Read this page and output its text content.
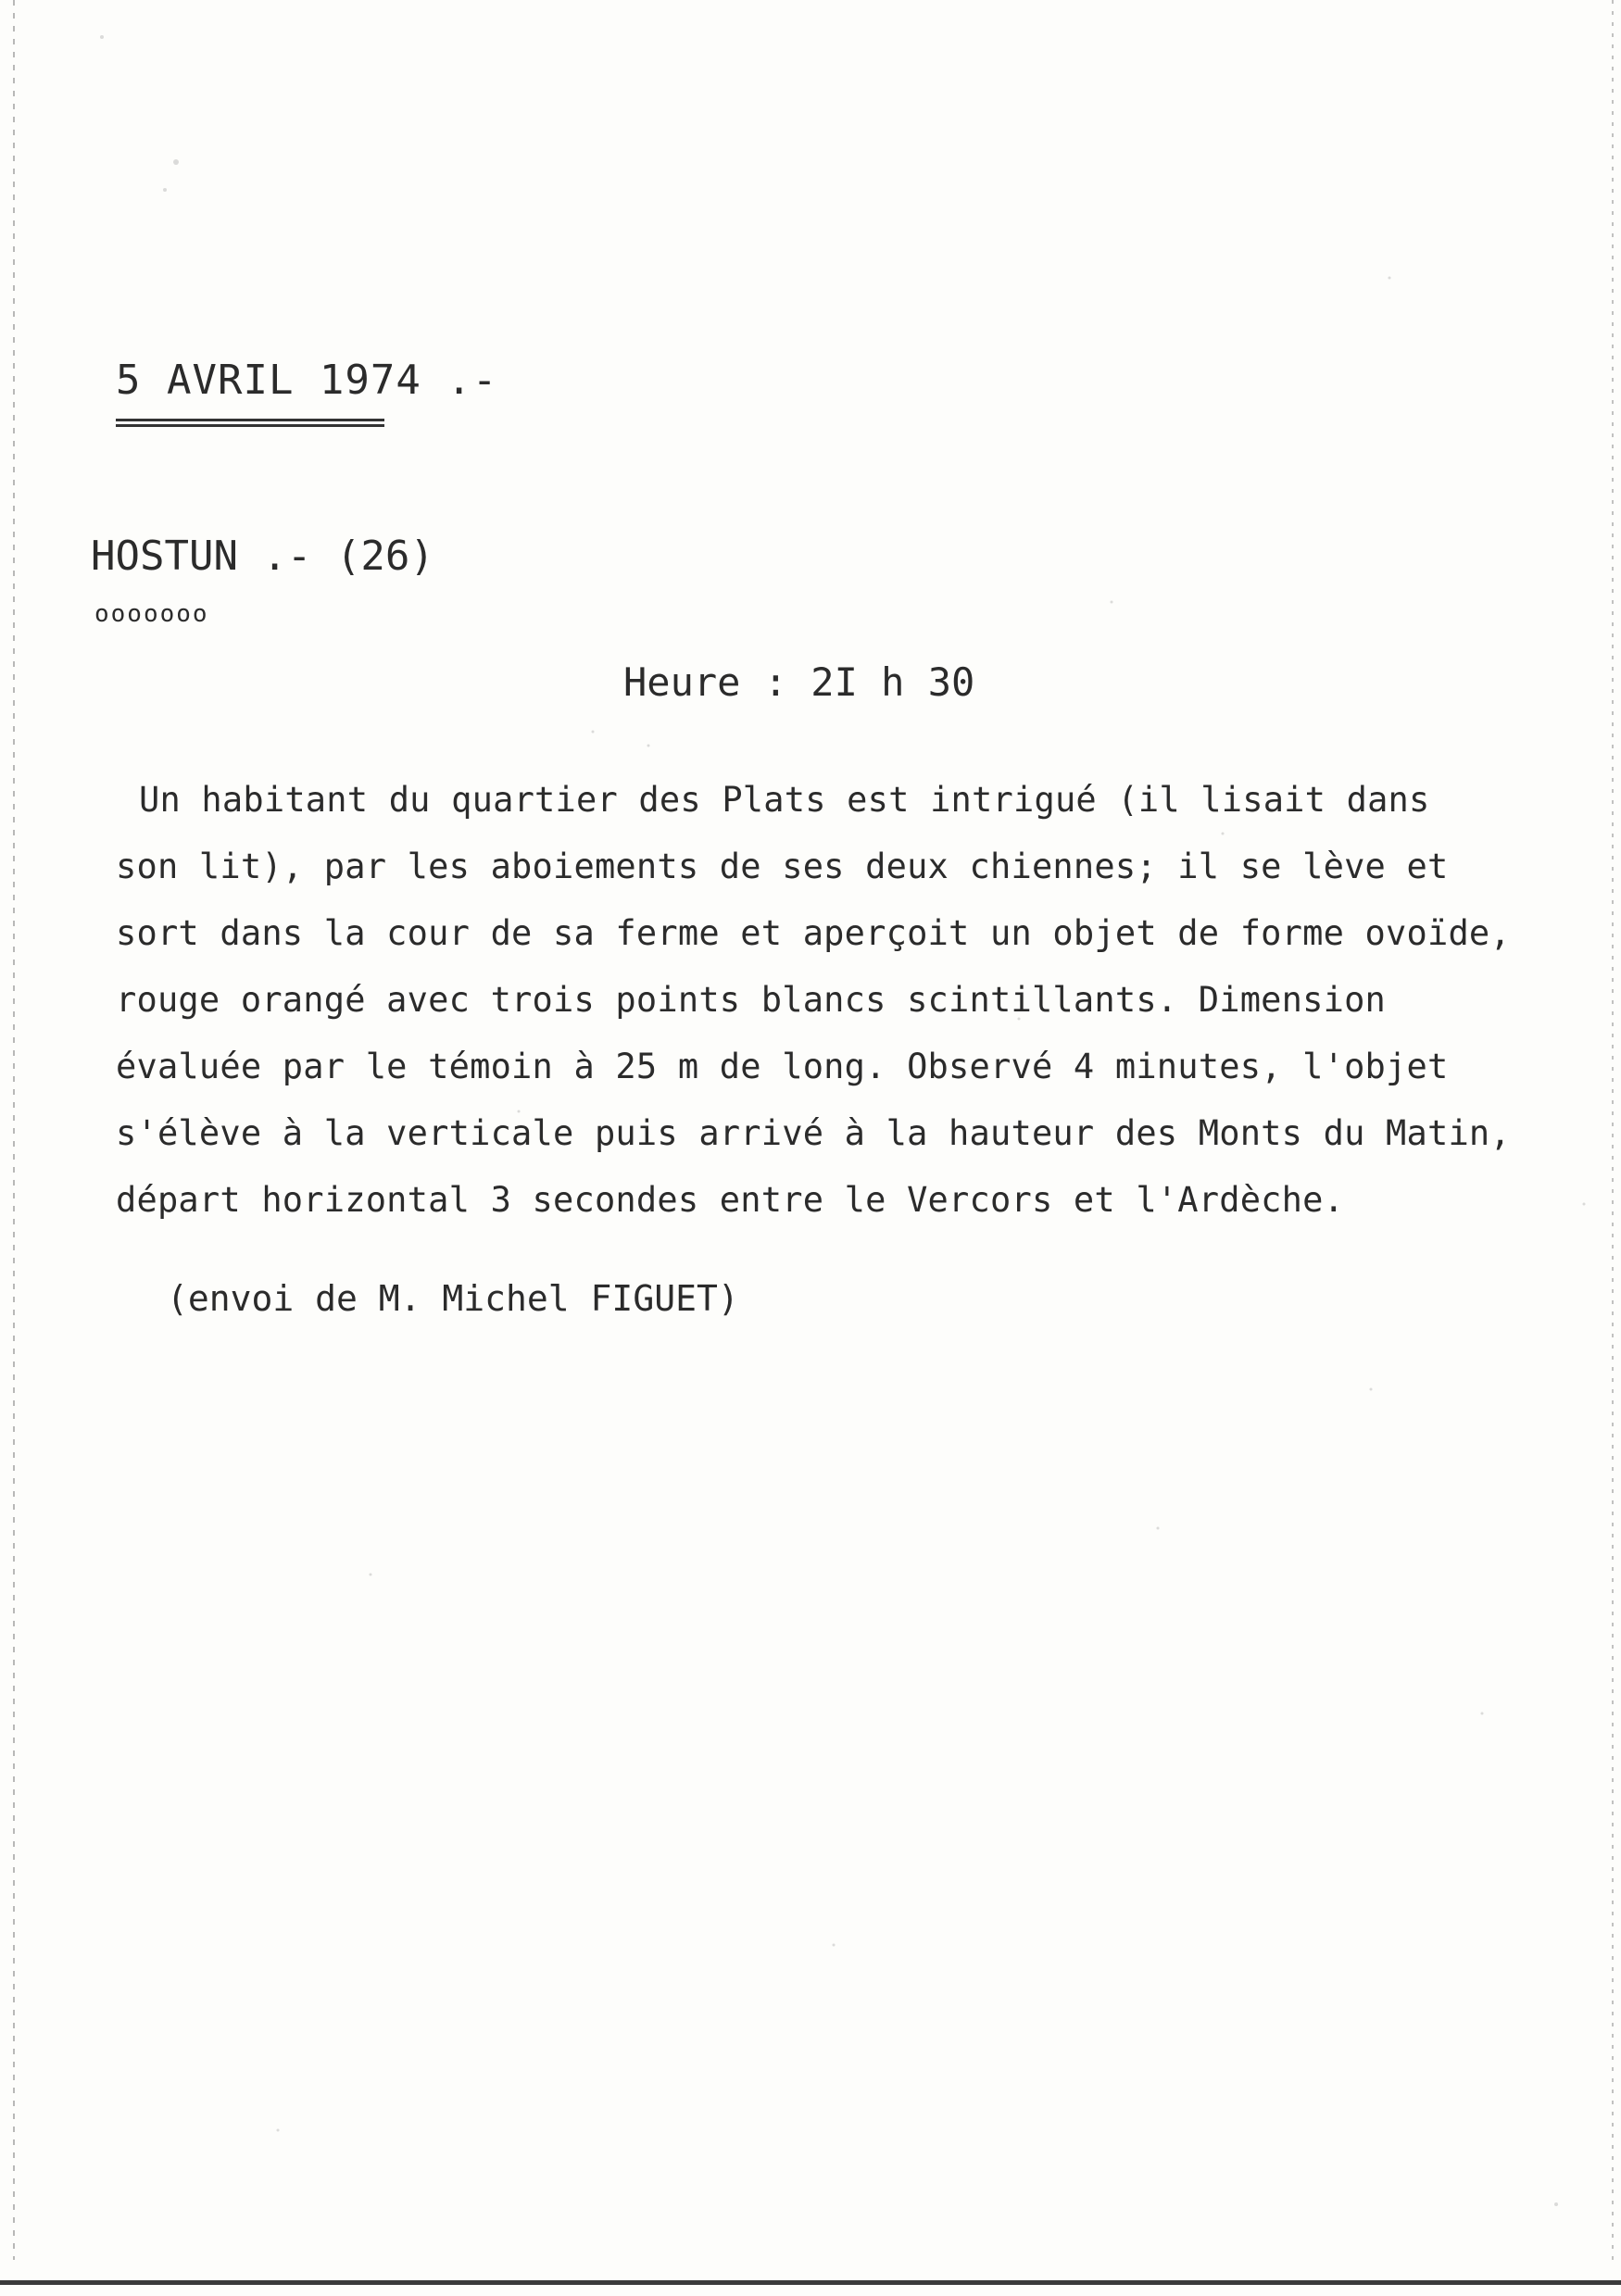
5 AVRIL 1974 .-
HOSTUN .- (26)
ooooooo
Heure : 2I h 30
Un habitant du quartier des Plats est intrigué (il lisait dans
son lit), par les aboiements de ses deux chiennes; il se lève et
sort dans la cour de sa ferme et aperçoit un objet de forme ovoïde,
rouge orangé avec trois points blancs scintillants. Dimension
évaluée par le témoin à 25 m de long. Observé 4 minutes, l'objet
s'élève à la verticale puis arrivé à la hauteur des Monts du Matin,
départ horizontal 3 secondes entre le Vercors et l'Ardèche.
(envoi de M. Michel FIGUET)
